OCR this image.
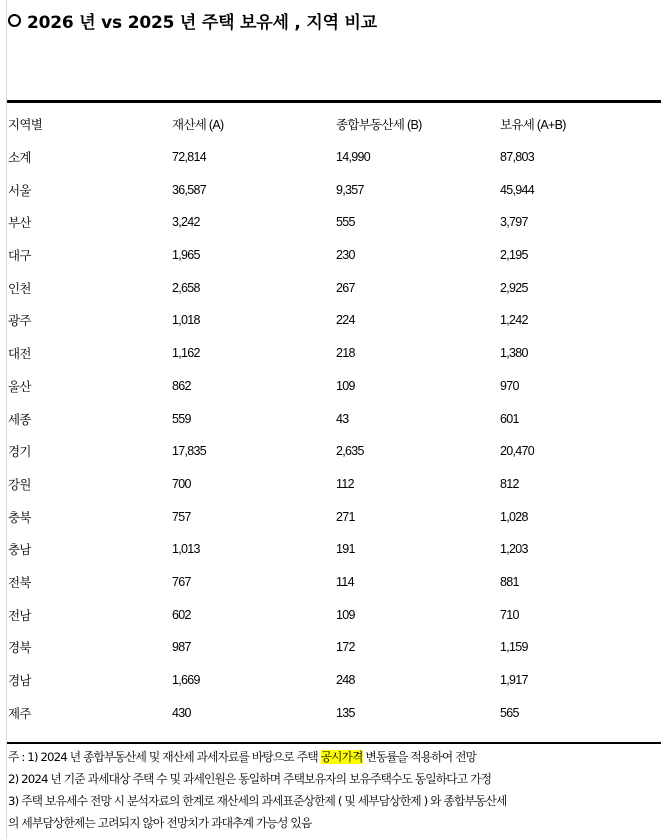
2026 년 vs 2025 년 주택 보유세 , 지역 비교
지역별	재산세 (A)	종합부동산세 (B)	보유세 (A+B)
소계	72,814	14,990	87,803
서울	36,587	9,357	45,944
부산	3,242	555	3,797
대구	1,965	230	2,195
인천	2,658	267	2,925
광주	1,018	224	1,242
대전	1,162	218	1,380
울산	862	109	970
세종	559	43	601
경기	17,835	2,635	20,470
강원	700	112	812
충북	757	271	1,028
충남	1,013	191	1,203
전북	767	114	881
전남	602	109	710
경북	987	172	1,159
경남	1,669	248	1,917
제주	430	135	565
주 : 1) 2024 년 종합부동산세 및 재산세 과세자료를 바탕으로 주택 공시가격 변동률을 적용하여 전망
2) 2024 년 기준 과세대상 주택 수 및 과세인원은 동일하며 주택보유자의 보유주택수도 동일하다고 가정
3) 주택 보유세수 전망 시 분석자료의 한계로 재산세의 과세표준상한제 ( 및 세부담상한제 ) 와 종합부동산세
의 세부담상한제는 고려되지 않아 전망치가 과대추계 가능성 있음
